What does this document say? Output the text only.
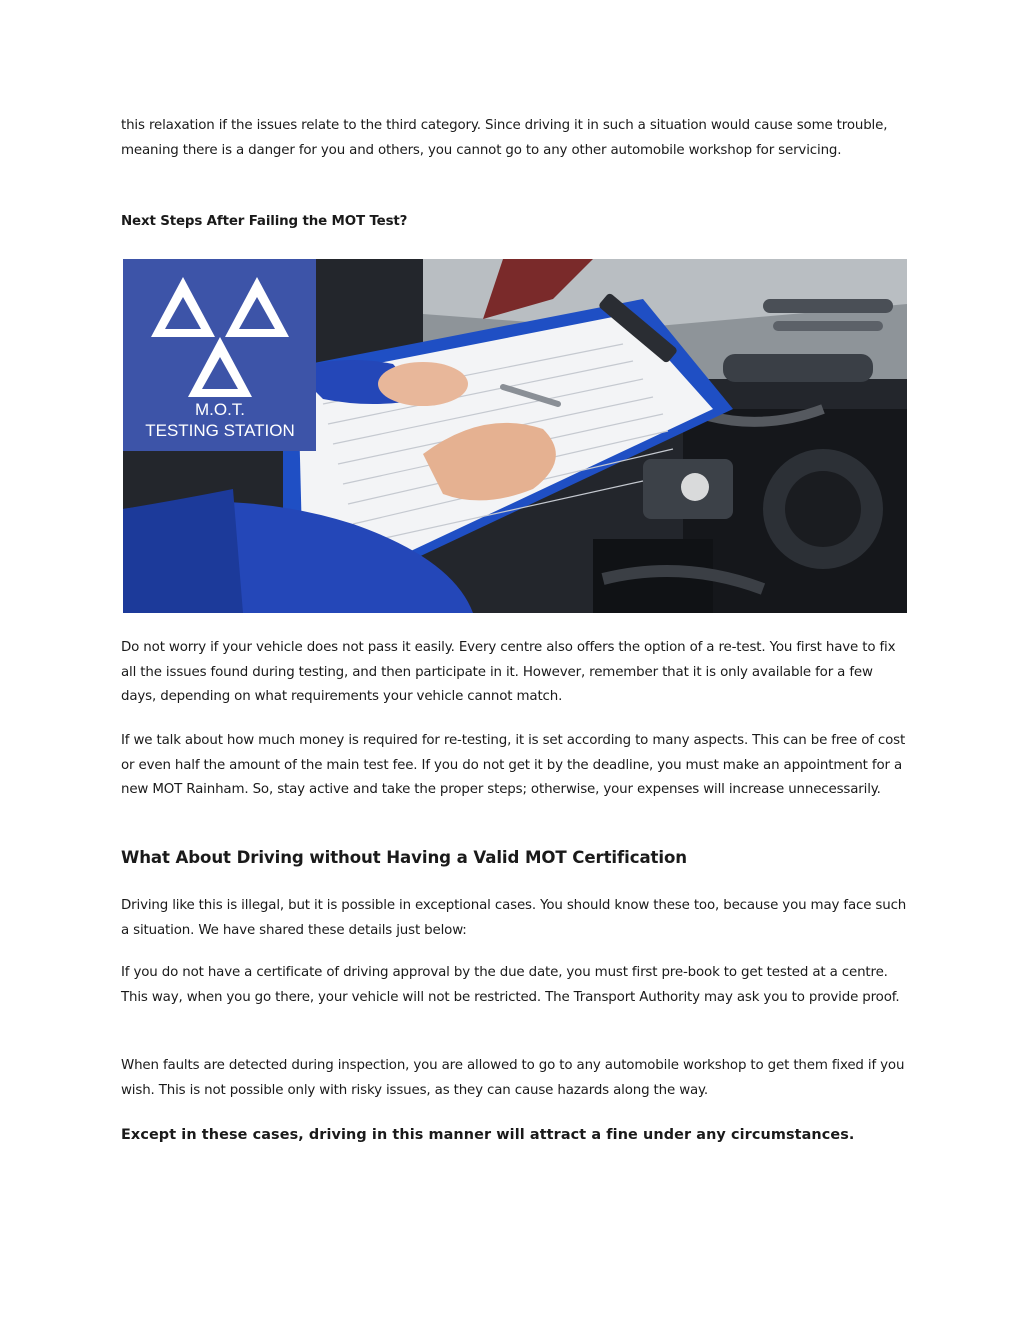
this relaxation if the issues relate to the third category. Since driving it in such a situation would cause some trouble, meaning there is a danger for you and others, you cannot go to any other automobile workshop for servicing.

Next Steps After Failing the MOT Test?

M.O.T.
TESTING STATION

Do not worry if your vehicle does not pass it easily. Every centre also offers the option of a re-test. You first have to fix all the issues found during testing, and then participate in it. However, remember that it is only available for a few days, depending on what requirements your vehicle cannot match.

If we talk about how much money is required for re-testing, it is set according to many aspects. This can be free of cost or even half the amount of the main test fee. If you do not get it by the deadline, you must make an appointment for a new MOT Rainham. So, stay active and take the proper steps; otherwise, your expenses will increase unnecessarily.

What About Driving without Having a Valid MOT Certification

Driving like this is illegal, but it is possible in exceptional cases. You should know these too, because you may face such a situation. We have shared these details just below:

If you do not have a certificate of driving approval by the due date, you must first pre-book to get tested at a centre. This way, when you go there, your vehicle will not be restricted. The Transport Authority may ask you to provide proof.

When faults are detected during inspection, you are allowed to go to any automobile workshop to get them fixed if you wish. This is not possible only with risky issues, as they can cause hazards along the way.

Except in these cases, driving in this manner will attract a fine under any circumstances.
